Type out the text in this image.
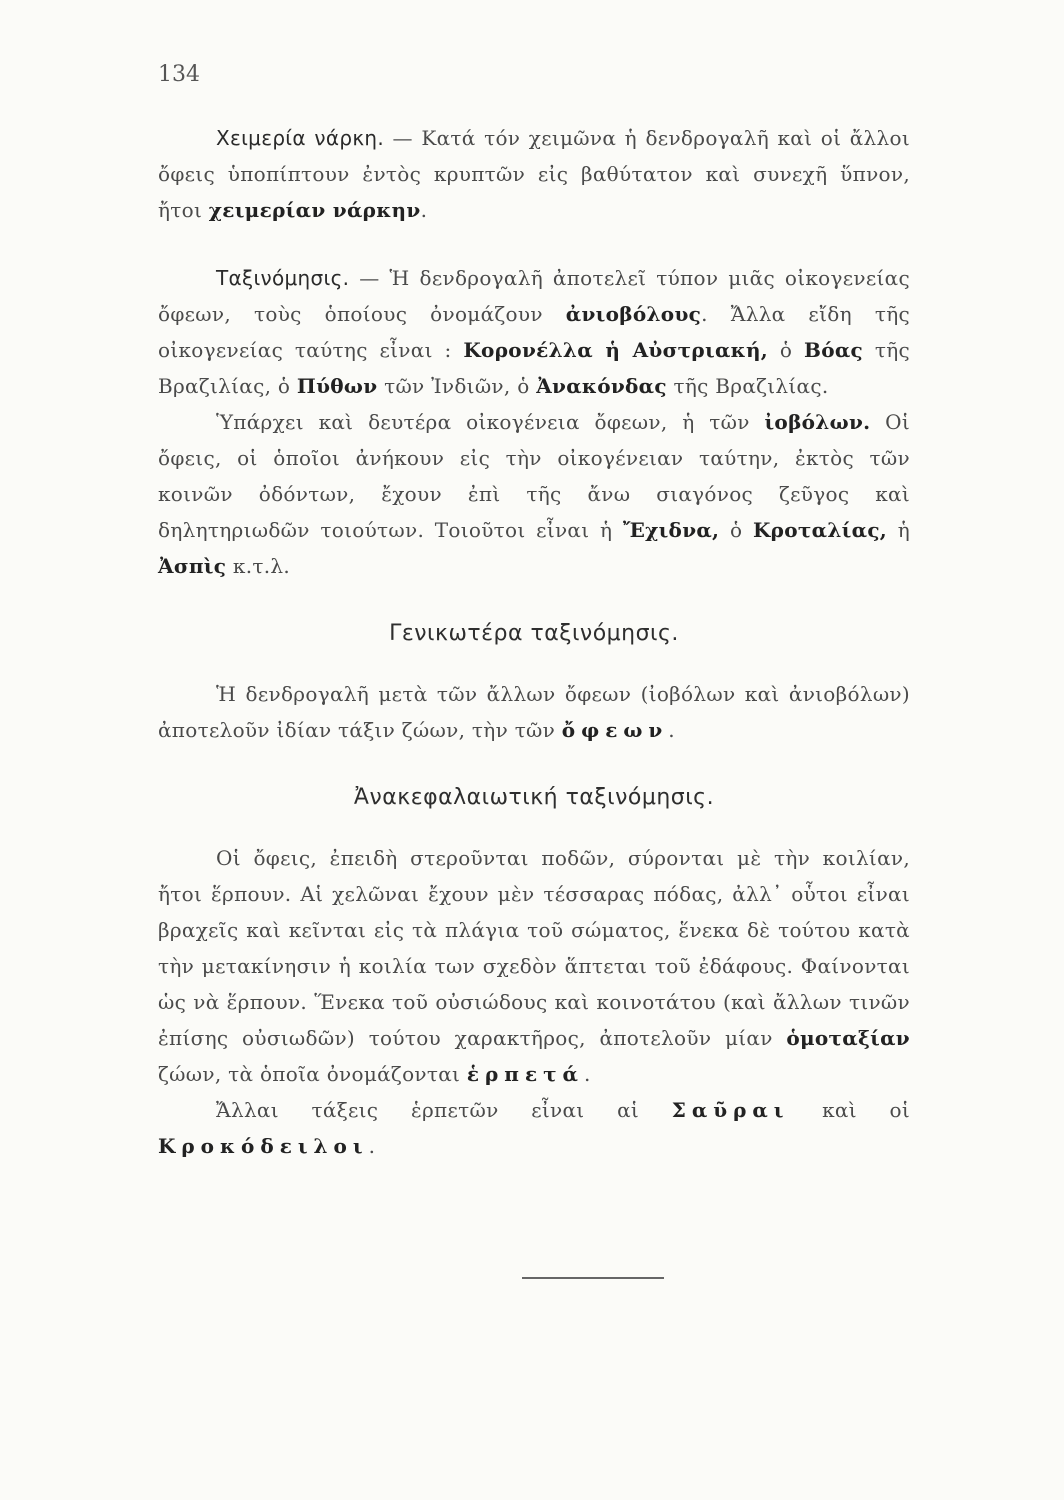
134

Χειμερία νάρκη. — Κατά τόν χειμῶνα ἡ δενδρογαλῆ καὶ οἱ ἄλλοι ὄφεις ὑποπίπτουν ἐντὸς κρυπτῶν εἰς βαθύτατον καὶ συνεχῆ ὕπνον, ἤτοι χειμερίαν νάρκην.

Ταξινόμησις. — Ἡ δενδρογαλῆ ἀποτελεῖ τύπον μιᾶς οἰκογενείας ὄφεων, τοὺς ὁποίους ὀνομάζουν ἀνιοβόλους. Ἄλλα εἴδη τῆς οἰκογενείας ταύτης εἶναι : Κορονέλλα ἡ Αὐστριακή, ὁ Βόας τῆς Βραζιλίας, ὁ Πύθων τῶν Ἰνδιῶν, ὁ Ἀνακόνδας τῆς Βραζιλίας.

Ὑπάρχει καὶ δευτέρα οἰκογένεια ὄφεων, ἡ τῶν ἰοβόλων. Οἱ ὄφεις, οἱ ὁποῖοι ἀνήκουν εἰς τὴν οἰκογένειαν ταύτην, ἐκτὸς τῶν κοινῶν ὀδόντων, ἔχουν ἐπὶ τῆς ἄνω σιαγόνος ζεῦγος καὶ δηλητηριωδῶν τοιούτων. Τοιοῦτοι εἶναι ἡ Ἔχιδνα, ὁ Κροταλίας, ἡ Ἀσπὶς κ.τ.λ.

Γενικωτέρα ταξινόμησις.

Ἡ δενδρογαλῆ μετὰ τῶν ἄλλων ὄφεων (ἰοβόλων καὶ ἀνιοβόλων) ἀποτελοῦν ἰδίαν τάξιν ζώων, τὴν τῶν ὄφεων.

Ἀνακεφαλαιωτική ταξινόμησις.

Οἱ ὄφεις, ἐπειδὴ στεροῦνται ποδῶν, σύρονται μὲ τὴν κοιλίαν, ἤτοι ἕρπουν. Αἱ χελῶναι ἔχουν μὲν τέσσαρας πόδας, ἀλλ᾽ οὗτοι εἶναι βραχεῖς καὶ κεῖνται εἰς τὰ πλάγια τοῦ σώματος, ἕνεκα δὲ τούτου κατὰ τὴν μετακίνησιν ἡ κοιλία των σχεδὸν ἅπτεται τοῦ ἐδάφους. Φαίνονται ὡς νὰ ἕρπουν. Ἕνεκα τοῦ οὐσιώδους καὶ κοινοτάτου (καὶ ἄλλων τινῶν ἐπίσης οὐσιωδῶν) τούτου χαρακτῆρος, ἀποτελοῦν μίαν ὁμοταξίαν ζώων, τὰ ὁποῖα ὀνομάζονται ἑρπετά.

Ἄλλαι τάξεις ἑρπετῶν εἶναι αἱ Σαῦραι καὶ οἱ Κροκόδειλοι.
